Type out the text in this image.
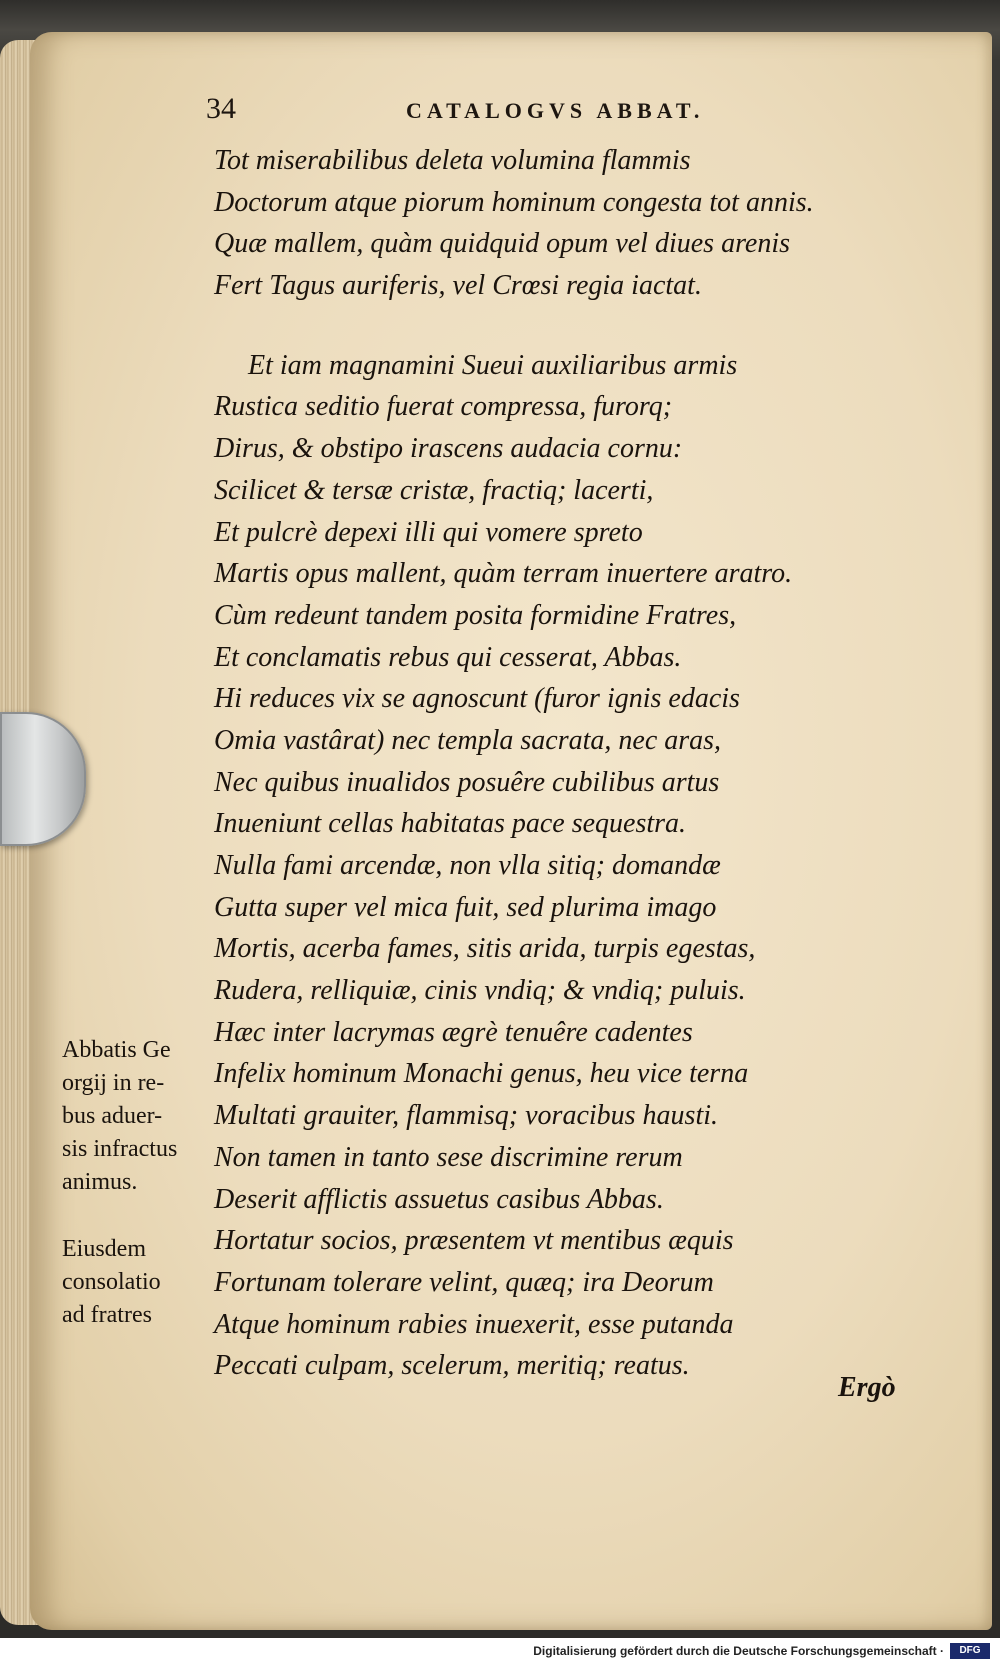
34	CATALOGVS ABBAT.
Tot miserabilibus deleta volumina flammis
Doctorum atque piorum hominum congesta tot annis.
Quæ mallem, quàm quidquid opum vel diues arenis
Fert Tagus auriferis, vel Crœsi regia iactat.
Et iam magnamini Sueui auxiliaribus armis
Rustica seditio fuerat compressa, furorq;
Dirus, & obstipo irascens audacia cornu:
Scilicet & tersæ cristæ, fractiq; lacerti,
Et pulcrè depexi illi qui vomere spreto
Martis opus mallent, quàm terram inuertere aratro.
Cùm redeunt tandem posita formidine Fratres,
Et conclamatis rebus qui cesserat, Abbas.
Hi reduces vix se agnoscunt (furor ignis edacis
Omia vastârat) nec templa sacrata, nec aras,
Nec quibus inualidos posuêre cubilibus artus
Inueniunt cellas habitatas pace sequestra.
Nulla fami arcendæ, non vlla sitiq; domandæ
Gutta super vel mica fuit, sed plurima imago
Mortis, acerba fames, sitis arida, turpis egestas,
Rudera, relliquiæ, cinis vndiq; & vndiq; puluis.
Hæc inter lacrymas ægrè tenuêre cadentes
Infelix hominum Monachi genus, heu vice terna
Multati grauiter, flammisq; voracibus hausti.
Non tamen in tanto sese discrimine rerum
Deserit afflictis assuetus casibus Abbas.
Hortatur socios, præsentem vt mentibus æquis
Fortunam tolerare velint, quæq; ira Deorum
Atque hominum rabies inuexerit, esse putanda
Peccati culpam, scelerum, meritiq; reatus.
Abbatis Ge
orgij in re-
bus aduer-
sis infractus
animus.
Eiusdem
consolatio
ad fratres
Ergò
Digitalisierung gefördert durch die Deutsche Forschungsgemeinschaft ·	DFG
